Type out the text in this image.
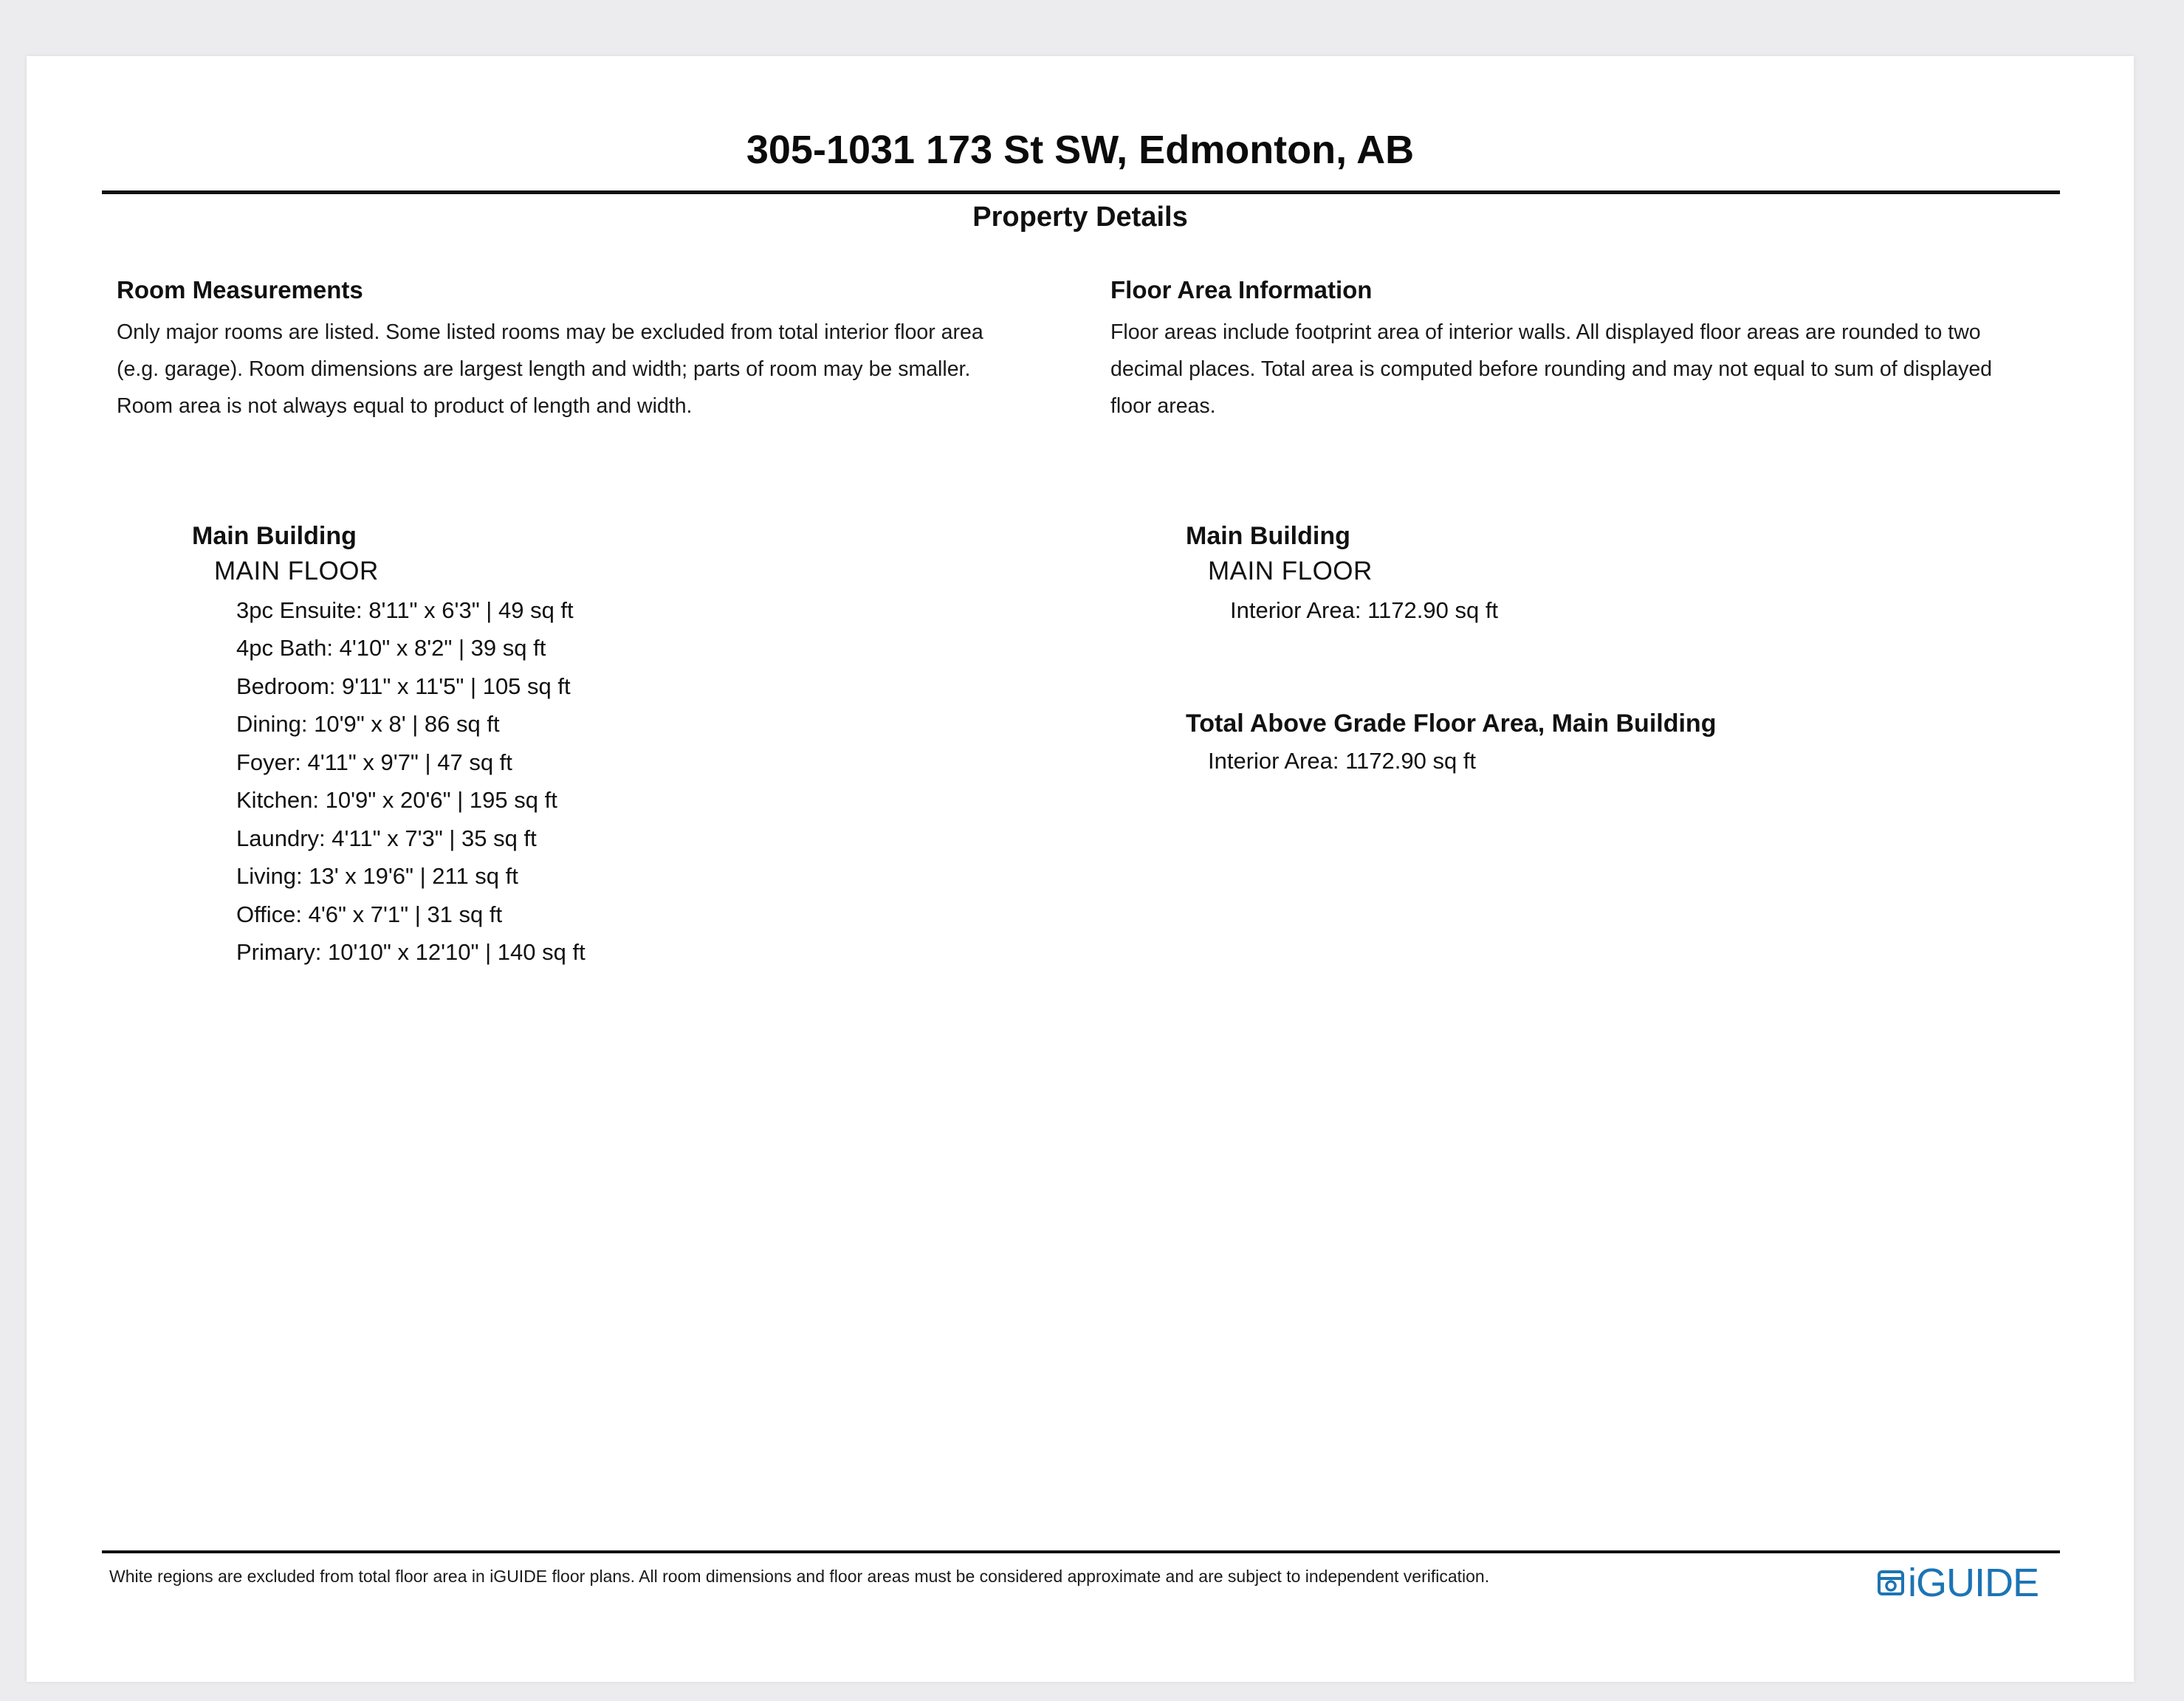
305-1031 173 St SW, Edmonton, AB
Property Details
Room Measurements

Only major rooms are listed. Some listed rooms may be excluded from total interior floor area
(e.g. garage). Room dimensions are largest length and width; parts of room may be smaller.
Room area is not always equal to product of length and width.

Main Building

MAIN FLOOR

3pc Ensuite: 8'11" x 6'3" | 49 sq ft
4pc Bath: 4'10" x 8'2" | 39 sq ft
Bedroom: 9'11" x 11'5" | 105 sq ft
Dining: 10'9" x 8' | 86 sq ft
Foyer: 4'11" x 9'7" | 47 sq ft
Kitchen: 10'9" x 20'6" | 195 sq ft
Laundry: 4'11" x 7'3" | 35 sq ft
Living: 13' x 19'6" | 211 sq ft
Office: 4'6" x 7'1" | 31 sq ft
Primary: 10'10" x 12'10" | 140 sq ft
Floor Area Information

Floor areas include footprint area of interior walls. All displayed floor areas are rounded to two
decimal places. Total area is computed before rounding and may not equal to sum of displayed
floor areas.

Main Building

MAIN FLOOR

Interior Area: 1172.90 sq ft

Total Above Grade Floor Area, Main Building

Interior Area: 1172.90 sq ft

White regions are excluded from total floor area in iGUIDE floor plans. All room dimensions and floor areas must be considered approximate and are subject to independent verification.	iGUIDE
